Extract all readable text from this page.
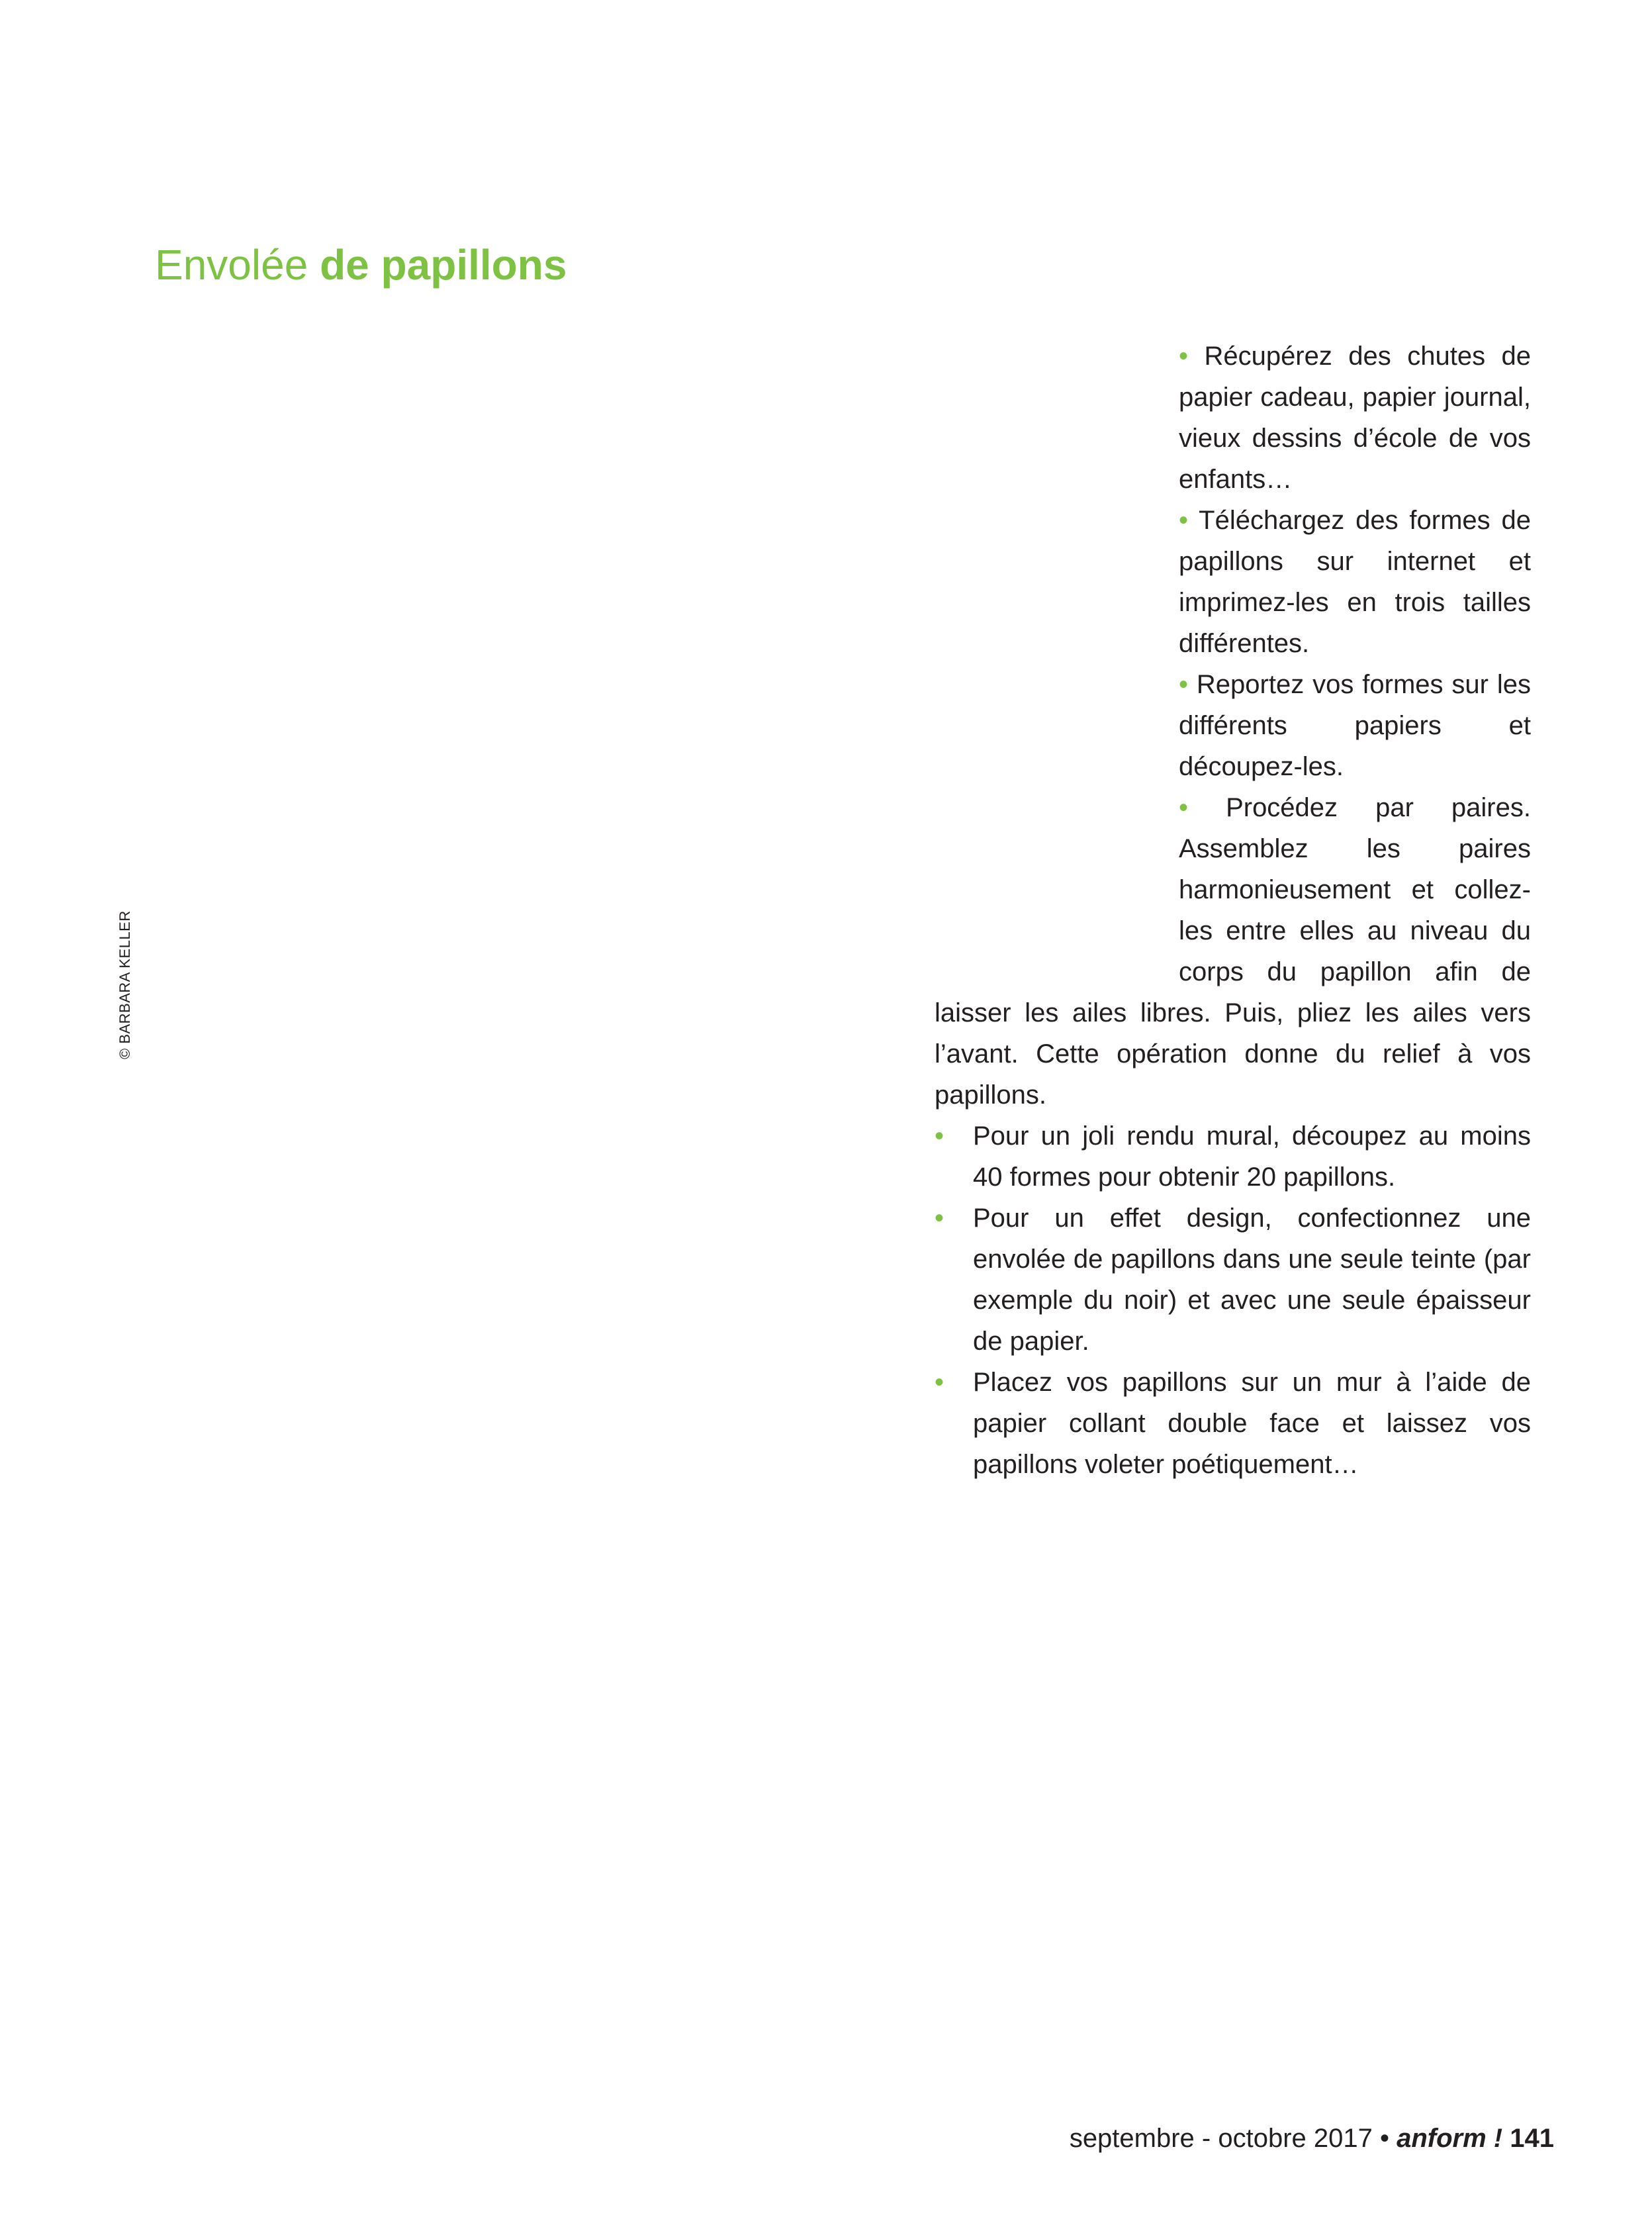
Envolée de papillons
© BARBARA KELLER

• Récupérez des chutes de papier cadeau, papier journal, vieux dessins d’école de vos enfants…

• Téléchargez des formes de papillons sur internet et imprimez-les en trois tailles différentes.

• Reportez vos formes sur les différents papiers et découpez-les.

• Procédez par paires. Assemblez les paires harmonieusement et collez-les entre elles au niveau du corps du papillon afin de laisser les ailes libres. Puis, pliez les ailes vers l’avant. Cette opération donne du relief à vos papillons.

• Pour un joli rendu mural, découpez au moins 40 formes pour obtenir 20 papillons.
• Pour un effet design, confectionnez une envolée de papillons dans une seule teinte (par exemple du noir) et avec une seule épaisseur de papier.
• Placez vos papillons sur un mur à l’aide de papier collant double face et laissez vos papillons voleter poétiquement…
septembre - octobre 2017 • anform ! 141
